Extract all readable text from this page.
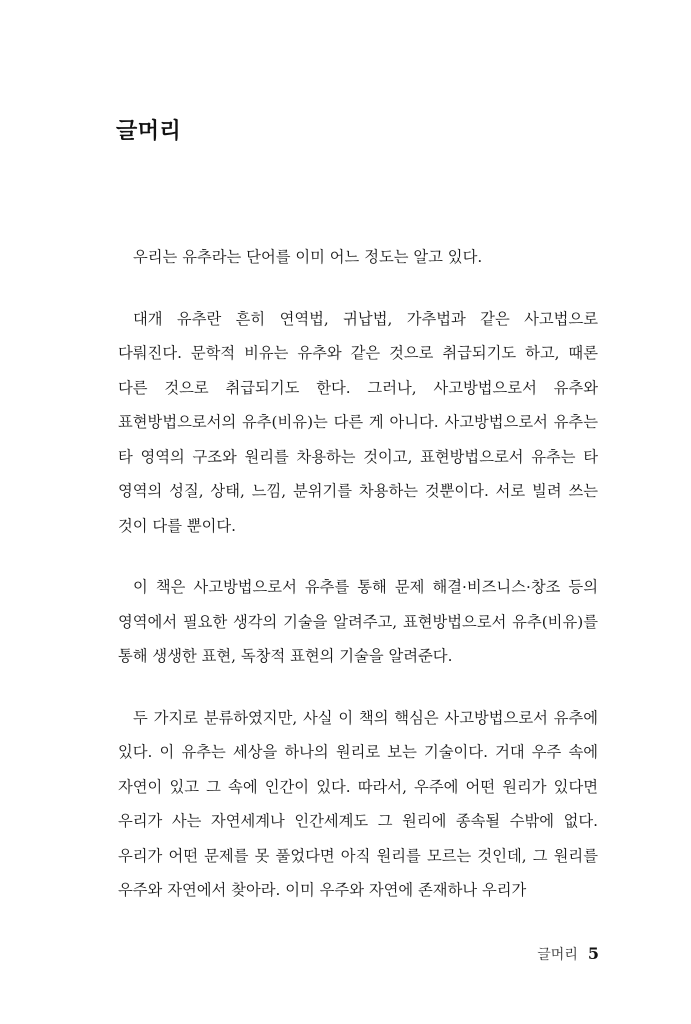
글머리

우리는 유추라는 단어를 이미 어느 정도는 알고 있다.

대개 유추란 흔히 연역법, 귀납법, 가추법과 같은 사고법으로 다뤄진다. 문학적 비유는 유추와 같은 것으로 취급되기도 하고, 때론 다른 것으로 취급되기도 한다. 그러나, 사고방법으로서 유추와 표현방법으로서의 유추(비유)는 다른 게 아니다. 사고방법으로서 유추는 타 영역의 구조와 원리를 차용하는 것이고, 표현방법으로서 유추는 타 영역의 성질, 상태, 느낌, 분위기를 차용하는 것뿐이다. 서로 빌려 쓰는 것이 다를 뿐이다.

이 책은 사고방법으로서 유추를 통해 문제 해결·비즈니스·창조 등의 영역에서 필요한 생각의 기술을 알려주고, 표현방법으로서 유추(비유)를 통해 생생한 표현, 독창적 표현의 기술을 알려준다.

두 가지로 분류하였지만, 사실 이 책의 핵심은 사고방법으로서 유추에 있다. 이 유추는 세상을 하나의 원리로 보는 기술이다. 거대 우주 속에 자연이 있고 그 속에 인간이 있다. 따라서, 우주에 어떤 원리가 있다면 우리가 사는 자연세계나 인간세계도 그 원리에 종속될 수밖에 없다. 우리가 어떤 문제를 못 풀었다면 아직 원리를 모르는 것인데, 그 원리를 우주와 자연에서 찾아라. 이미 우주와 자연에 존재하나 우리가

글머리 5
